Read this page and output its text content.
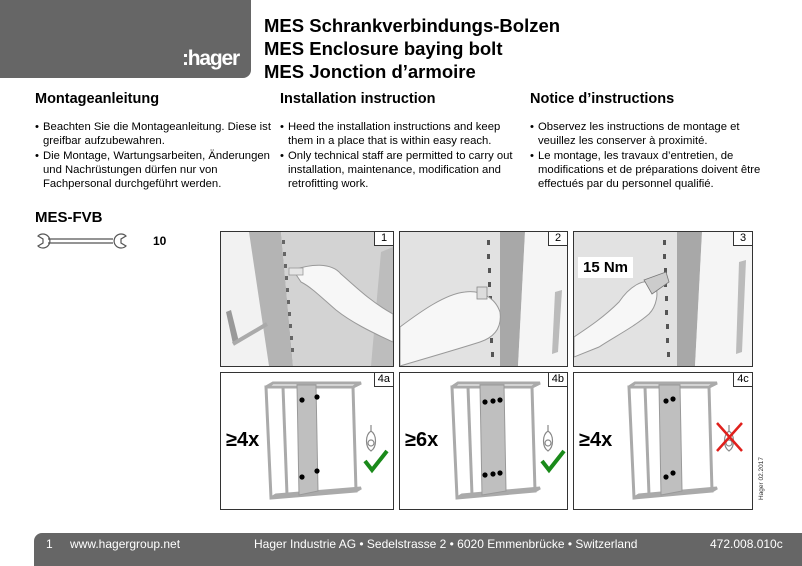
:hager
MES Schrankverbindungs-Bolzen
MES Enclosure baying bolt
MES Jonction d’armoire
Montageanleitung
• Beachten Sie die Montageanleitung. Diese ist greifbar aufzubewahren.
• Die Montage, Wartungsarbeiten, Änderungen und Nachrüstungen dürfen nur von Fachpersonal durchgeführt werden.
Installation instruction
• Heed the installation instructions and keep them in a place that is within easy reach.
• Only technical staff are permitted to carry out installation, maintenance, modification and retrofitting work.
Notice d’instructions
• Observez les instructions de montage et veuillez les conserver à proximité.
• Le montage, les travaux d’entretien, de modifications et de préparations doivent être effectués par du personnel qualifié.
MES-FVB
10	1	2
15 Nm
3
≥4x
4a
≥6x
4b
≥4x
4c
Hager 02.2017
1 www.hagergroup.net	Hager Industrie AG • Sedelstrasse 2 • 6020 Emmenbrücke • Switzerland	472.008.010c
